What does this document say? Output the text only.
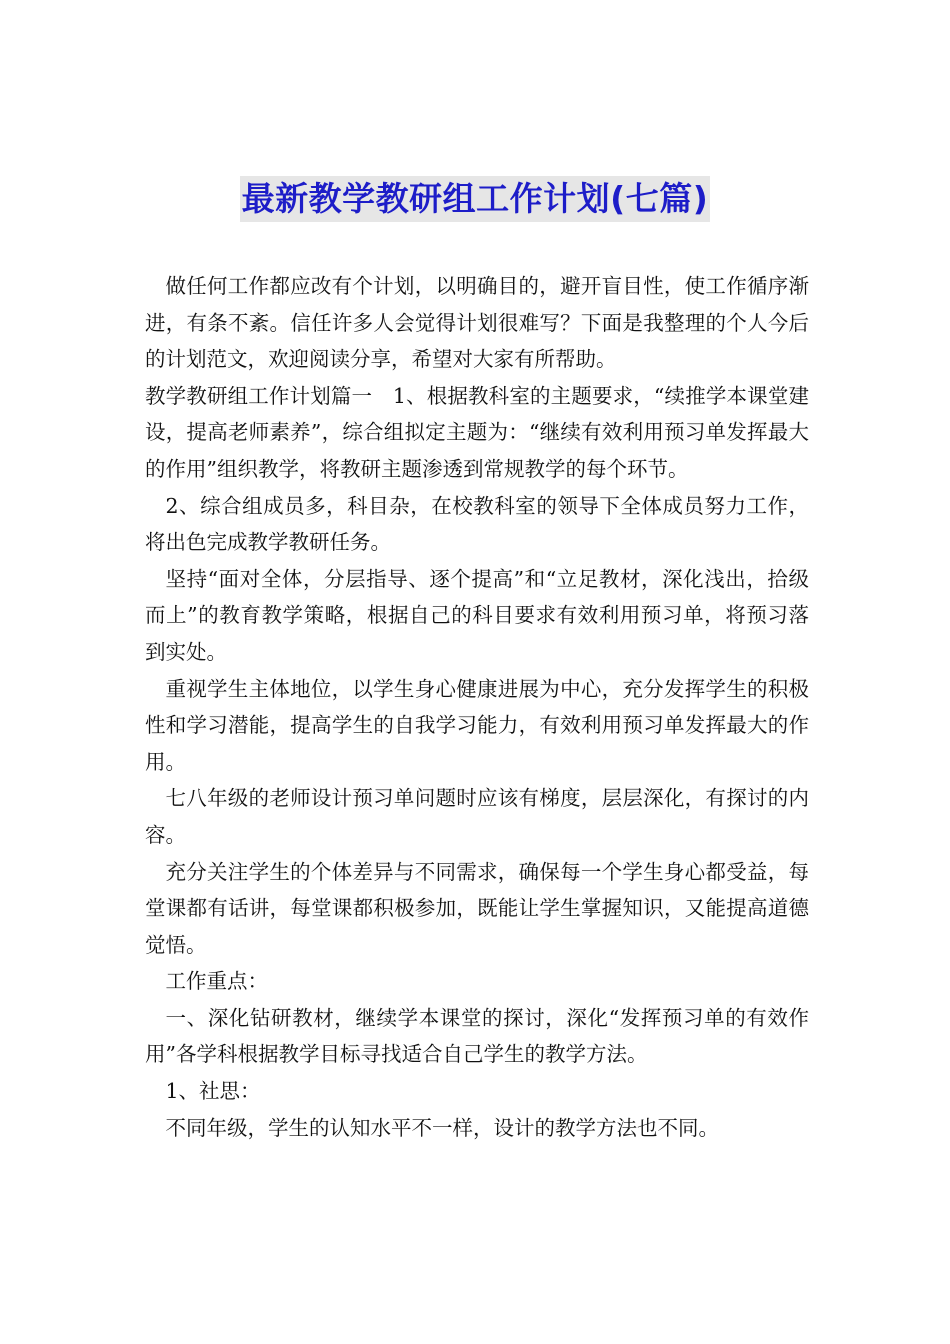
最新教学教研组工作计划(七篇)

做任何工作都应改有个计划，以明确目的，避开盲目性，使工作循序渐进，有条不紊。信任许多人会觉得计划很难写？下面是我整理的个人今后的计划范文，欢迎阅读分享，希望对大家有所帮助。

教学教研组工作计划篇一　1、根据教科室的主题要求，“续推学本课堂建设，提高老师素养”，综合组拟定主题为：“继续有效利用预习单发挥最大的作用”组织教学，将教研主题渗透到常规教学的每个环节。

2、综合组成员多，科目杂，在校教科室的领导下全体成员努力工作，将出色完成教学教研任务。

坚持“面对全体，分层指导、逐个提高”和“立足教材，深化浅出，拾级而上”的教育教学策略，根据自己的科目要求有效利用预习单，将预习落到实处。

重视学生主体地位，以学生身心健康进展为中心，充分发挥学生的积极性和学习潜能，提高学生的自我学习能力，有效利用预习单发挥最大的作用。

七八年级的老师设计预习单问题时应该有梯度，层层深化，有探讨的内容。

充分关注学生的个体差异与不同需求，确保每一个学生身心都受益，每堂课都有话讲，每堂课都积极参加，既能让学生掌握知识，又能提高道德觉悟。

工作重点：

一、深化钻研教材，继续学本课堂的探讨，深化“发挥预习单的有效作用”各学科根据教学目标寻找适合自己学生的教学方法。

1、社思：

不同年级，学生的认知水平不一样，设计的教学方法也不同。
